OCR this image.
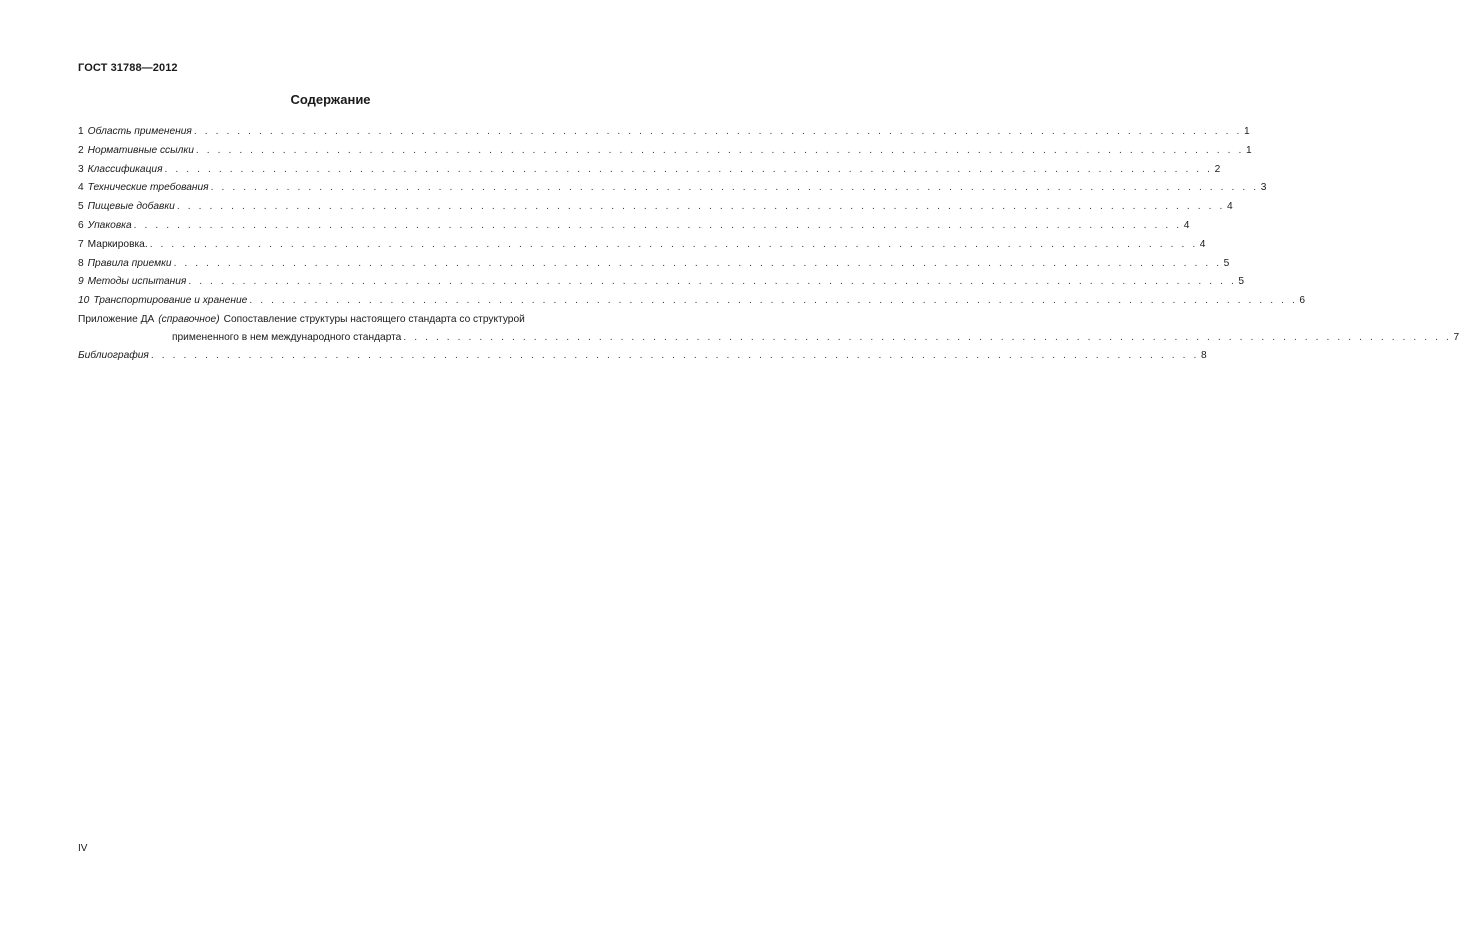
ГОСТ 31788—2012
Содержание
1 Область применения . . . . . . . . . . . . . . . . . . . . . . . . . . . . . . . . . . . . . . . . . . . . . . . . . . . . . . . . . . . . . . . . . . . . . . . . . . . . . . . . . . . . . . . . . . . . . . . . . 1
2 Нормативные ссылки . . . . . . . . . . . . . . . . . . . . . . . . . . . . . . . . . . . . . . . . . . . . . . . . . . . . . . . . . . . . . . . . . . . . . . . . . . . . . . . . . . . . . . . . . . . . . . . . . 1
3 Классификация . . . . . . . . . . . . . . . . . . . . . . . . . . . . . . . . . . . . . . . . . . . . . . . . . . . . . . . . . . . . . . . . . . . . . . . . . . . . . . . . . . . . . . . . . . . . . . . . . 2
4 Технические требования . . . . . . . . . . . . . . . . . . . . . . . . . . . . . . . . . . . . . . . . . . . . . . . . . . . . . . . . . . . . . . . . . . . . . . . . . . . . . . . . . . . . . . . . . . . . . . . . . 3
5 Пищевые добавки . . . . . . . . . . . . . . . . . . . . . . . . . . . . . . . . . . . . . . . . . . . . . . . . . . . . . . . . . . . . . . . . . . . . . . . . . . . . . . . . . . . . . . . . . . . . . . . . . 4
6 Упаковка . . . . . . . . . . . . . . . . . . . . . . . . . . . . . . . . . . . . . . . . . . . . . . . . . . . . . . . . . . . . . . . . . . . . . . . . . . . . . . . . . . . . . . . . . . . . . . . . . 4
7 Маркировка. . . . . . . . . . . . . . . . . . . . . . . . . . . . . . . . . . . . . . . . . . . . . . . . . . . . . . . . . . . . . . . . . . . . . . . . . . . . . . . . . . . . . . . . . . . . . . . . . . 4
8 Правила приемки . . . . . . . . . . . . . . . . . . . . . . . . . . . . . . . . . . . . . . . . . . . . . . . . . . . . . . . . . . . . . . . . . . . . . . . . . . . . . . . . . . . . . . . . . . . . . . . . . 5
9 Методы испытания . . . . . . . . . . . . . . . . . . . . . . . . . . . . . . . . . . . . . . . . . . . . . . . . . . . . . . . . . . . . . . . . . . . . . . . . . . . . . . . . . . . . . . . . . . . . . . . . . 5
10 Транспортирование и хранение . . . . . . . . . . . . . . . . . . . . . . . . . . . . . . . . . . . . . . . . . . . . . . . . . . . . . . . . . . . . . . . . . . . . . . . . . . . . . . . . . . . . . . . . . . . . . . . . . 6
Приложение ДА (справочное) Сопоставление структуры настоящего стандарта со структурой
примененного в нем международного стандарта . . . . . . . . . . . . . . . . . . . . . . . . . . . . . . . . . . . . . . . . . . . . . . . . . . . . . . . . . . . . . . . . . . . . . . . . . . . . . . . . . . . . . . . . . . . . . . . . . 7
Библиография . . . . . . . . . . . . . . . . . . . . . . . . . . . . . . . . . . . . . . . . . . . . . . . . . . . . . . . . . . . . . . . . . . . . . . . . . . . . . . . . . . . . . . . . . . . . . . . . . 8
IV
